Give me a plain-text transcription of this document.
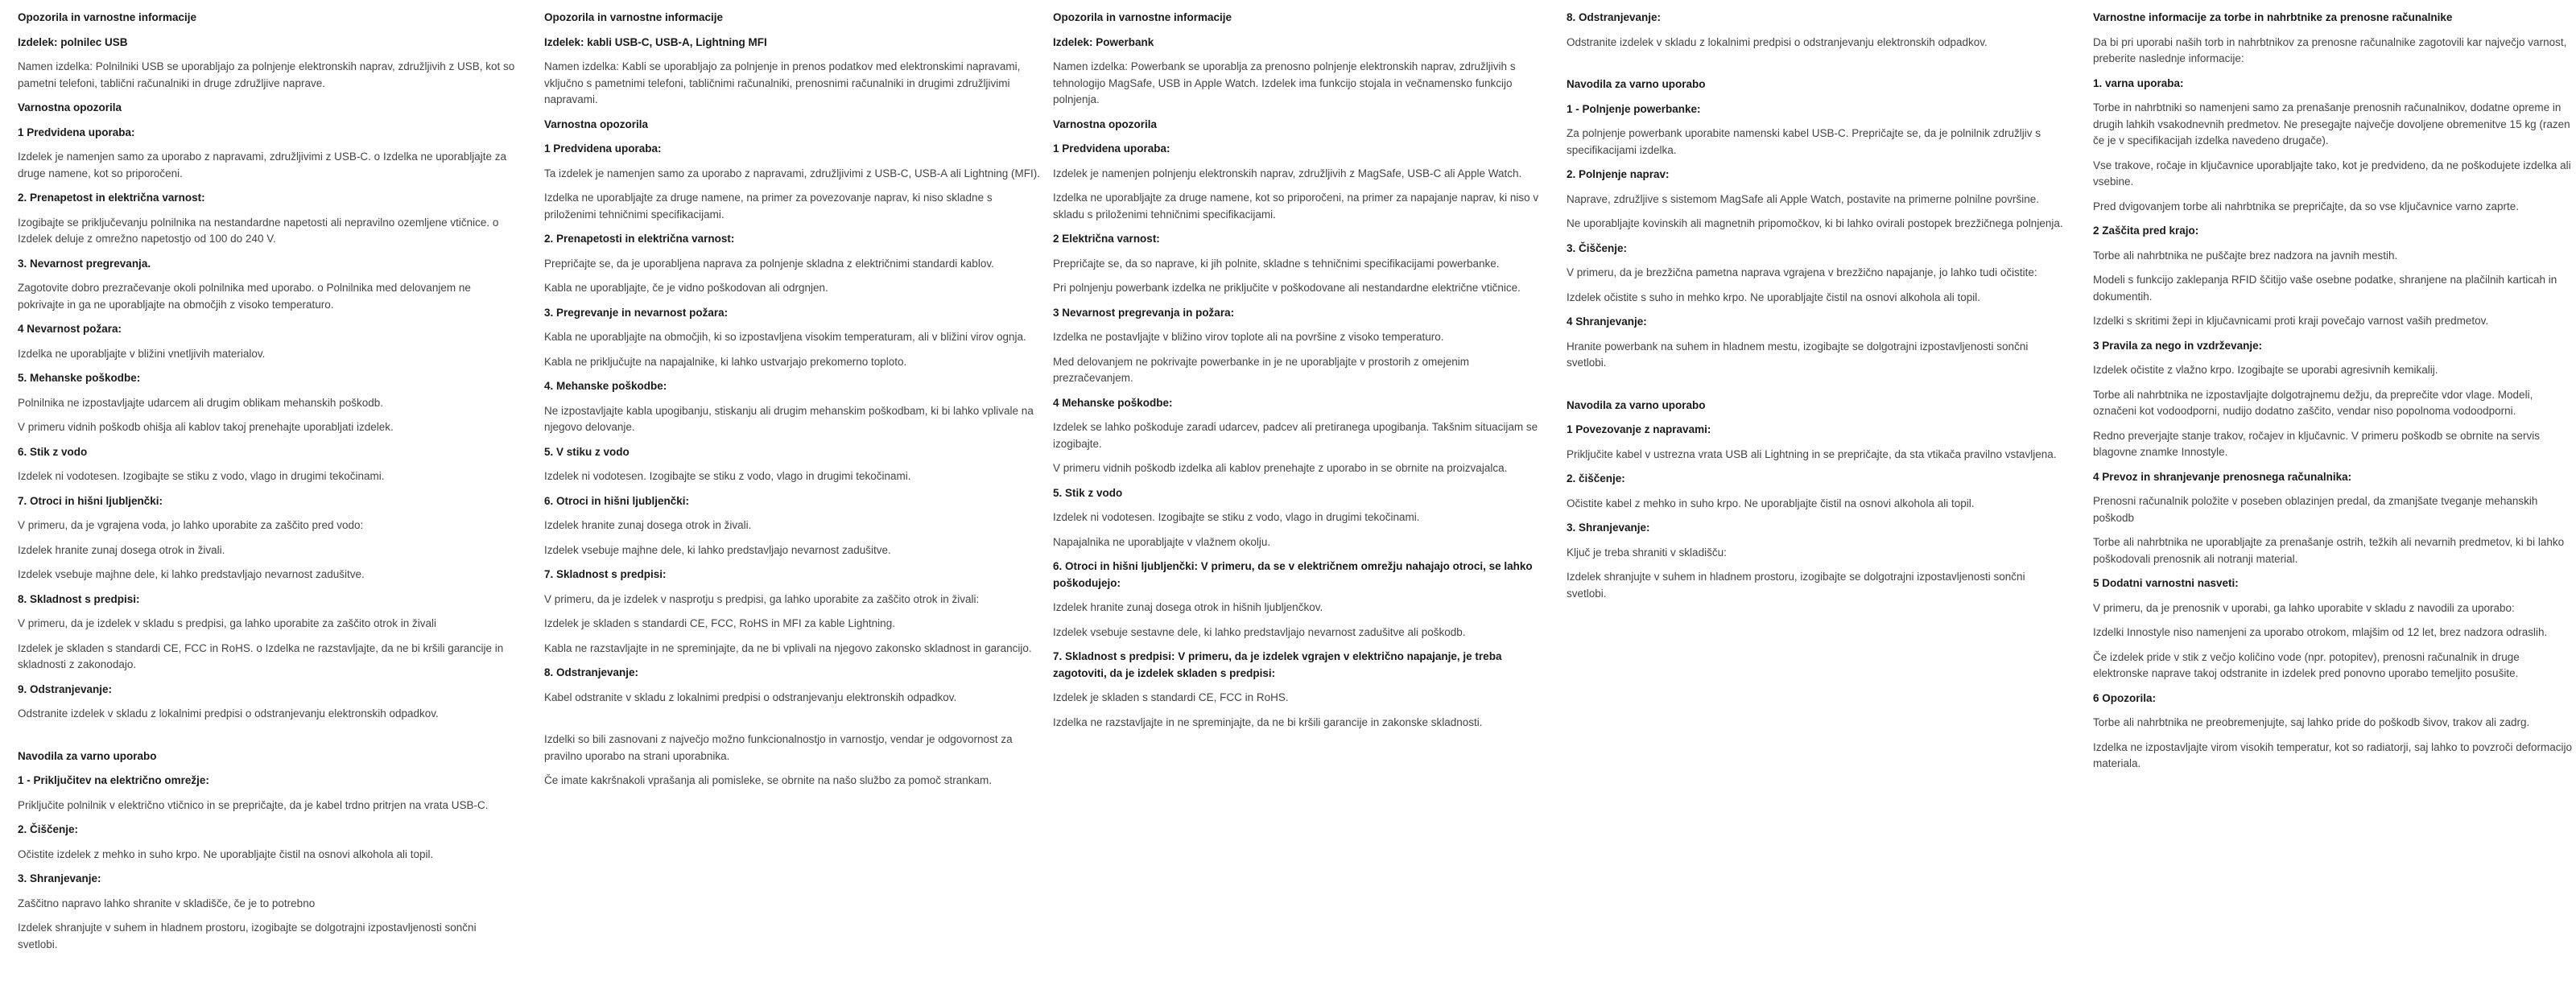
Opozorila in varnostne informacije

Izdelek: polnilec USB

Namen izdelka: Polnilniki USB se uporabljajo za polnjenje elektronskih naprav, združljivih z USB, kot so pametni telefoni, tablični računalniki in druge združljive naprave.

Varnostna opozorila

1 Predvidena uporaba:

Izdelek je namenjen samo za uporabo z napravami, združljivimi z USB-C. o Izdelka ne uporabljajte za druge namene, kot so priporočeni.

2. Prenapetost in električna varnost:

Izogibajte se priključevanju polnilnika na nestandardne napetosti ali nepravilno ozemljene vtičnice. o Izdelek deluje z omrežno napetostjo od 100 do 240 V.

3. Nevarnost pregrevanja.

Zagotovite dobro prezračevanje okoli polnilnika med uporabo. o Polnilnika med delovanjem ne pokrivajte in ga ne uporabljajte na območjih z visoko temperaturo.

4 Nevarnost požara:

Izdelka ne uporabljajte v bližini vnetljivih materialov.

5. Mehanske poškodbe:

Polnilnika ne izpostavljajte udarcem ali drugim oblikam mehanskih poškodb.

V primeru vidnih poškodb ohišja ali kablov takoj prenehajte uporabljati izdelek.

6. Stik z vodo

Izdelek ni vodotesen. Izogibajte se stiku z vodo, vlago in drugimi tekočinami.

7. Otroci in hišni ljubljenčki:

V primeru, da je vgrajena voda, jo lahko uporabite za zaščito pred vodo:

Izdelek hranite zunaj dosega otrok in živali.

Izdelek vsebuje majhne dele, ki lahko predstavljajo nevarnost zadušitve.

8. Skladnost s predpisi:

V primeru, da je izdelek v skladu s predpisi, ga lahko uporabite za zaščito otrok in živali

Izdelek je skladen s standardi CE, FCC in RoHS. o Izdelka ne razstavljajte, da ne bi kršili garancije in skladnosti z zakonodajo.

9. Odstranjevanje:

Odstranite izdelek v skladu z lokalnimi predpisi o odstranjevanju elektronskih odpadkov.

Navodila za varno uporabo

1 - Priključitev na električno omrežje:

Priključite polnilnik v električno vtičnico in se prepričajte, da je kabel trdno pritrjen na vrata USB-C.

2. Čiščenje:

Očistite izdelek z mehko in suho krpo. Ne uporabljajte čistil na osnovi alkohola ali topil.

3. Shranjevanje:

Zaščitno napravo lahko shranite v skladišče, če je to potrebno

Izdelek shranjujte v suhem in hladnem prostoru, izogibajte se dolgotrajni izpostavljenosti sončni svetlobi.

Opozorila in varnostne informacije

Izdelek: kabli USB-C, USB-A, Lightning MFI

Namen izdelka: Kabli se uporabljajo za polnjenje in prenos podatkov med elektronskimi napravami, vključno s pametnimi telefoni, tabličnimi računalniki, prenosnimi računalniki in drugimi združljivimi napravami.

Varnostna opozorila

1 Predvidena uporaba:

Ta izdelek je namenjen samo za uporabo z napravami, združljivimi z USB-C, USB-A ali Lightning (MFI).

Izdelka ne uporabljajte za druge namene, na primer za povezovanje naprav, ki niso skladne s priloženimi tehničnimi specifikacijami.

2. Prenapetosti in električna varnost:

Prepričajte se, da je uporabljena naprava za polnjenje skladna z električnimi standardi kablov.

Kabla ne uporabljajte, če je vidno poškodovan ali odrgnjen.

3. Pregrevanje in nevarnost požara:

Kabla ne uporabljajte na območjih, ki so izpostavljena visokim temperaturam, ali v bližini virov ognja.

Kabla ne priključujte na napajalnike, ki lahko ustvarjajo prekomerno toploto.

4. Mehanske poškodbe:

Ne izpostavljajte kabla upogibanju, stiskanju ali drugim mehanskim poškodbam, ki bi lahko vplivale na njegovo delovanje.

5. V stiku z vodo

Izdelek ni vodotesen. Izogibajte se stiku z vodo, vlago in drugimi tekočinami.

6. Otroci in hišni ljubljenčki:

Izdelek hranite zunaj dosega otrok in živali.

Izdelek vsebuje majhne dele, ki lahko predstavljajo nevarnost zadušitve.

7. Skladnost s predpisi:

V primeru, da je izdelek v nasprotju s predpisi, ga lahko uporabite za zaščito otrok in živali:

Izdelek je skladen s standardi CE, FCC, RoHS in MFI za kable Lightning.

Kabla ne razstavljajte in ne spreminjajte, da ne bi vplivali na njegovo zakonsko skladnost in garancijo.

8. Odstranjevanje:

Kabel odstranite v skladu z lokalnimi predpisi o odstranjevanju elektronskih odpadkov.

Izdelki so bili zasnovani z največjo možno funkcionalnostjo in varnostjo, vendar je odgovornost za pravilno uporabo na strani uporabnika.

Če imate kakršnakoli vprašanja ali pomisleke, se obrnite na našo službo za pomoč strankam.

Opozorila in varnostne informacije

Izdelek: Powerbank

Namen izdelka: Powerbank se uporablja za prenosno polnjenje elektronskih naprav, združljivih s tehnologijo MagSafe, USB in Apple Watch. Izdelek ima funkcijo stojala in večnamensko funkcijo polnjenja.

Varnostna opozorila

1 Predvidena uporaba:

Izdelek je namenjen polnjenju elektronskih naprav, združljivih z MagSafe, USB-C ali Apple Watch.

Izdelka ne uporabljajte za druge namene, kot so priporočeni, na primer za napajanje naprav, ki niso v skladu s priloženimi tehničnimi specifikacijami.

2 Električna varnost:

Prepričajte se, da so naprave, ki jih polnite, skladne s tehničnimi specifikacijami powerbanke.

Pri polnjenju powerbank izdelka ne priključite v poškodovane ali nestandardne električne vtičnice.

3 Nevarnost pregrevanja in požara:

Izdelka ne postavljajte v bližino virov toplote ali na površine z visoko temperaturo.

Med delovanjem ne pokrivajte powerbanke in je ne uporabljajte v prostorih z omejenim prezračevanjem.

4 Mehanske poškodbe:

Izdelek se lahko poškoduje zaradi udarcev, padcev ali pretiranega upogibanja. Takšnim situacijam se izogibajte.

V primeru vidnih poškodb izdelka ali kablov prenehajte z uporabo in se obrnite na proizvajalca.

5. Stik z vodo

Izdelek ni vodotesen. Izogibajte se stiku z vodo, vlago in drugimi tekočinami.

Napajalnika ne uporabljajte v vlažnem okolju.

6. Otroci in hišni ljubljenčki: V primeru, da se v električnem omrežju nahajajo otroci, se lahko poškodujejo:

Izdelek hranite zunaj dosega otrok in hišnih ljubljenčkov.

Izdelek vsebuje sestavne dele, ki lahko predstavljajo nevarnost zadušitve ali poškodb.

7. Skladnost s predpisi: V primeru, da je izdelek vgrajen v električno napajanje, je treba zagotoviti, da je izdelek skladen s predpisi:

Izdelek je skladen s standardi CE, FCC in RoHS.

Izdelka ne razstavljajte in ne spreminjajte, da ne bi kršili garancije in zakonske skladnosti.

8. Odstranjevanje:

Odstranite izdelek v skladu z lokalnimi predpisi o odstranjevanju elektronskih odpadkov.

Navodila za varno uporabo

1 - Polnjenje powerbanke:

Za polnjenje powerbank uporabite namenski kabel USB-C. Prepričajte se, da je polnilnik združljiv s specifikacijami izdelka.

2. Polnjenje naprav:

Naprave, združljive s sistemom MagSafe ali Apple Watch, postavite na primerne polnilne površine.

Ne uporabljajte kovinskih ali magnetnih pripomočkov, ki bi lahko ovirali postopek brezžičnega polnjenja.

3. Čiščenje:

V primeru, da je brezžična pametna naprava vgrajena v brezžično napajanje, jo lahko tudi očistite:

Izdelek očistite s suho in mehko krpo. Ne uporabljajte čistil na osnovi alkohola ali topil.

4 Shranjevanje:

Hranite powerbank na suhem in hladnem mestu, izogibajte se dolgotrajni izpostavljenosti sončni svetlobi.

Navodila za varno uporabo

1 Povezovanje z napravami:

Priključite kabel v ustrezna vrata USB ali Lightning in se prepričajte, da sta vtikača pravilno vstavljena.

2. čiščenje:

Očistite kabel z mehko in suho krpo. Ne uporabljajte čistil na osnovi alkohola ali topil.

3. Shranjevanje:

Ključ je treba shraniti v skladišču:

Izdelek shranjujte v suhem in hladnem prostoru, izogibajte se dolgotrajni izpostavljenosti sončni svetlobi.

Varnostne informacije za torbe in nahrbtnike za prenosne računalnike

Da bi pri uporabi naših torb in nahrbtnikov za prenosne računalnike zagotovili kar največjo varnost, preberite naslednje informacije:

1. varna uporaba:

Torbe in nahrbtniki so namenjeni samo za prenašanje prenosnih računalnikov, dodatne opreme in drugih lahkih vsakodnevnih predmetov. Ne presegajte največje dovoljene obremenitve 15 kg (razen če je v specifikacijah izdelka navedeno drugače).

Vse trakove, ročaje in ključavnice uporabljajte tako, kot je predvideno, da ne poškodujete izdelka ali vsebine.

Pred dvigovanjem torbe ali nahrbtnika se prepričajte, da so vse ključavnice varno zaprte.

2 Zaščita pred krajo:

Torbe ali nahrbtnika ne puščajte brez nadzora na javnih mestih.

Modeli s funkcijo zaklepanja RFID ščitijo vaše osebne podatke, shranjene na plačilnih karticah in dokumentih.

Izdelki s skritimi žepi in ključavnicami proti kraji povečajo varnost vaših predmetov.

3 Pravila za nego in vzdrževanje:

Izdelek očistite z vlažno krpo. Izogibajte se uporabi agresivnih kemikalij.

Torbe ali nahrbtnika ne izpostavljajte dolgotrajnemu dežju, da preprečite vdor vlage. Modeli, označeni kot vodoodporni, nudijo dodatno zaščito, vendar niso popolnoma vodoodporni.

Redno preverjajte stanje trakov, ročajev in ključavnic. V primeru poškodb se obrnite na servis blagovne znamke Innostyle.

4 Prevoz in shranjevanje prenosnega računalnika:

Prenosni računalnik položite v poseben oblazinjen predal, da zmanjšate tveganje mehanskih poškodb

Torbe ali nahrbtnika ne uporabljajte za prenašanje ostrih, težkih ali nevarnih predmetov, ki bi lahko poškodovali prenosnik ali notranji material.

5 Dodatni varnostni nasveti:

V primeru, da je prenosnik v uporabi, ga lahko uporabite v skladu z navodili za uporabo:

Izdelki Innostyle niso namenjeni za uporabo otrokom, mlajšim od 12 let, brez nadzora odraslih.

Če izdelek pride v stik z večjo količino vode (npr. potopitev), prenosni računalnik in druge elektronske naprave takoj odstranite in izdelek pred ponovno uporabo temeljito posušite.

6 Opozorila:

Torbe ali nahrbtnika ne preobremenjujte, saj lahko pride do poškodb šivov, trakov ali zadrg.

Izdelka ne izpostavljajte virom visokih temperatur, kot so radiatorji, saj lahko to povzroči deformacijo materiala.
